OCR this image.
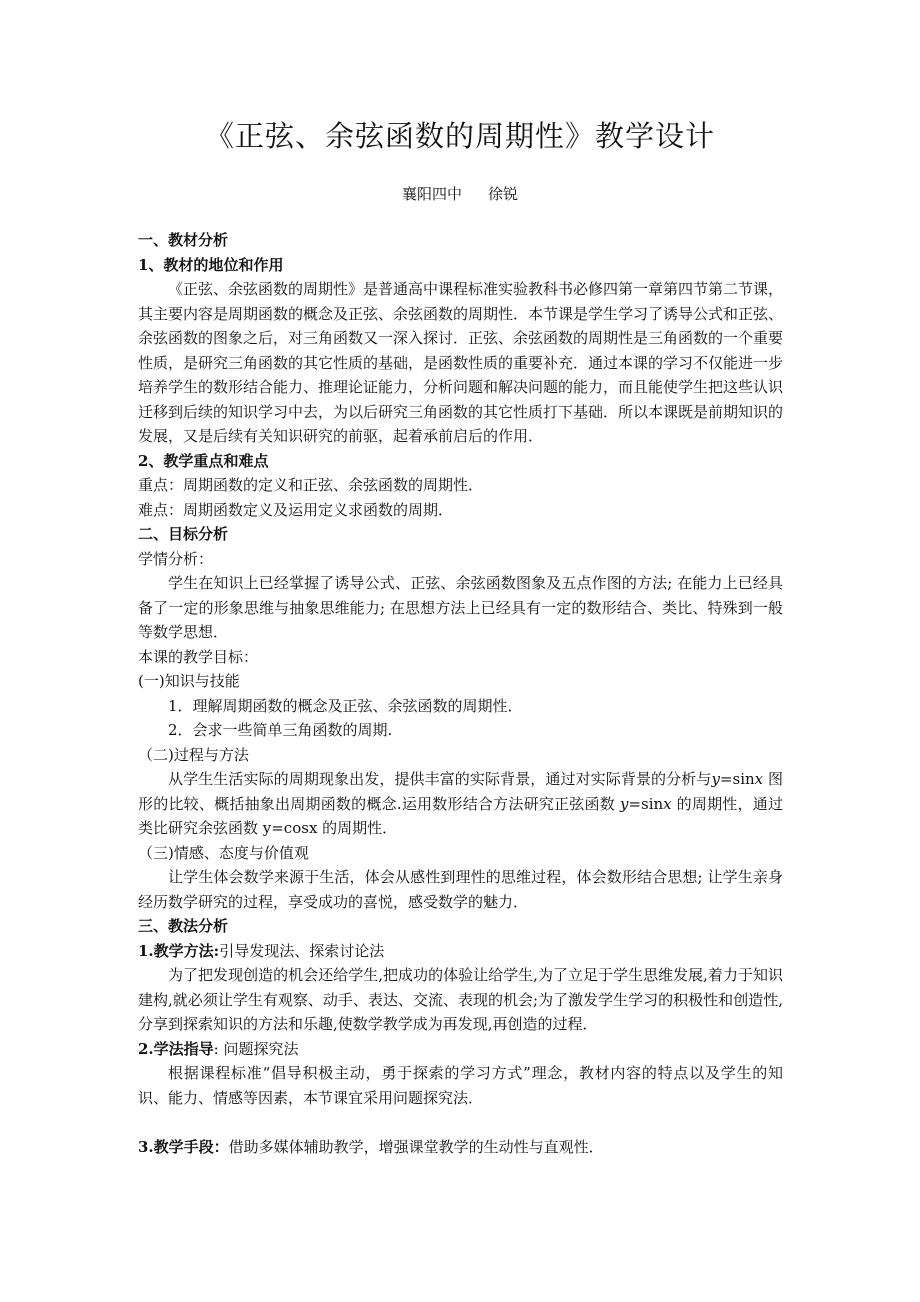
《正弦、余弦函数的周期性》教学设计
襄阳四中 徐锐

一、教材分析

1、教材的地位和作用

《正弦、余弦函数的周期性》是普通高中课程标准实验教科书必修四第一章第四节第二节课，其主要内容是周期函数的概念及正弦、余弦函数的周期性．本节课是学生学习了诱导公式和正弦、余弦函数的图象之后，对三角函数又一深入探讨．正弦、余弦函数的周期性是三角函数的一个重要性质，是研究三角函数的其它性质的基础，是函数性质的重要补充．通过本课的学习不仅能进一步培养学生的数形结合能力、推理论证能力，分析问题和解决问题的能力，而且能使学生把这些认识迁移到后续的知识学习中去，为以后研究三角函数的其它性质打下基础．所以本课既是前期知识的发展，又是后续有关知识研究的前驱，起着承前启后的作用．

2、教学重点和难点

重点：周期函数的定义和正弦、余弦函数的周期性．

难点：周期函数定义及运用定义求函数的周期．

二、目标分析

学情分析：

学生在知识上已经掌握了诱导公式、正弦、余弦函数图象及五点作图的方法; 在能力上已经具备了一定的形象思维与抽象思维能力; 在思想方法上已经具有一定的数形结合、类比、特殊到一般等数学思想．

本课的教学目标：

(一)知识与技能

1．理解周期函数的概念及正弦、余弦函数的周期性．

2．会求一些简单三角函数的周期.

（二)过程与方法

从学生生活实际的周期现象出发，提供丰富的实际背景，通过对实际背景的分析与y=sinx 图形的比较、概括抽象出周期函数的概念.运用数形结合方法研究正弦函数 y=sinx 的周期性，通过类比研究余弦函数 y=cosx 的周期性．

（三)情感、态度与价值观

让学生体会数学来源于生活，体会从感性到理性的思维过程，体会数形结合思想; 让学生亲身经历数学研究的过程，享受成功的喜悦，感受数学的魅力．

三、教法分析

1.教学方法:引导发现法、探索讨论法

为了把发现创造的机会还给学生,把成功的体验让给学生,为了立足于学生思维发展,着力于知识建构,就必须让学生有观察、动手、表达、交流、表现的机会;为了激发学生学习的积极性和创造性,分享到探索知识的方法和乐趣,使数学教学成为再发现,再创造的过程．

2.学法指导: 问题探究法

根据课程标准“倡导积极主动，勇于探索的学习方式”理念，教材内容的特点以及学生的知识、能力、情感等因素，本节课宜采用问题探究法．

3.教学手段：借助多媒体辅助教学，增强课堂教学的生动性与直观性．
